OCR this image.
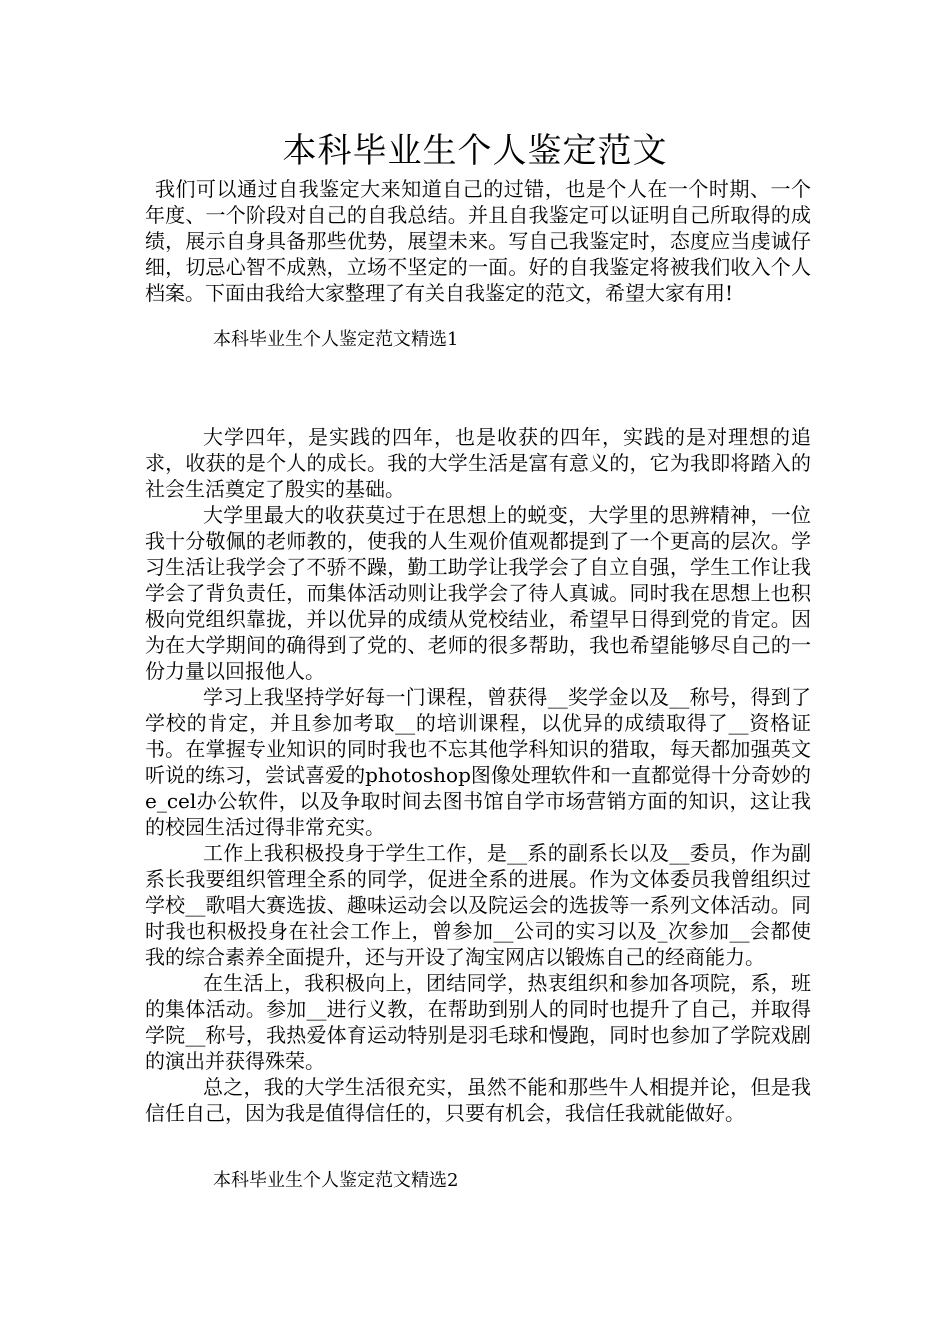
本科毕业生个人鉴定范文

我们可以通过自我鉴定大来知道自己的过错，也是个人在一个时期、一个年度、一个阶段对自己的自我总结。并且自我鉴定可以证明自己所取得的成绩，展示自身具备那些优势，展望未来。写自己我鉴定时，态度应当虔诚仔细，切忌心智不成熟，立场不坚定的一面。好的自我鉴定将被我们收入个人档案。下面由我给大家整理了有关自我鉴定的范文，希望大家有用!

本科毕业生个人鉴定范文精选1

大学四年，是实践的四年，也是收获的四年，实践的是对理想的追求，收获的是个人的成长。我的大学生活是富有意义的，它为我即将踏入的社会生活奠定了殷实的基础。

大学里最大的收获莫过于在思想上的蜕变，大学里的思辨精神，一位我十分敬佩的老师教的，使我的人生观价值观都提到了一个更高的层次。学习生活让我学会了不骄不躁，勤工助学让我学会了自立自强，学生工作让我学会了背负责任，而集体活动则让我学会了待人真诚。同时我在思想上也积极向党组织靠拢，并以优异的成绩从党校结业，希望早日得到党的肯定。因为在大学期间的确得到了党的、老师的很多帮助，我也希望能够尽自己的一份力量以回报他人。

学习上我坚持学好每一门课程，曾获得__奖学金以及__称号，得到了学校的肯定，并且参加考取__的培训课程，以优异的成绩取得了__资格证书。在掌握专业知识的同时我也不忘其他学科知识的猎取，每天都加强英文听说的练习，尝试喜爱的photoshop图像处理软件和一直都觉得十分奇妙的e_cel办公软件，以及争取时间去图书馆自学市场营销方面的知识，这让我的校园生活过得非常充实。

工作上我积极投身于学生工作，是__系的副系长以及__委员，作为副系长我要组织管理全系的同学，促进全系的进展。作为文体委员我曾组织过学校__歌唱大赛选拔、趣味运动会以及院运会的选拔等一系列文体活动。同时我也积极投身在社会工作上，曾参加__公司的实习以及_次参加__会都使我的综合素养全面提升，还与开设了淘宝网店以锻炼自己的经商能力。

在生活上，我积极向上，团结同学，热衷组织和参加各项院，系，班的集体活动。参加__进行义教，在帮助到别人的同时也提升了自己，并取得学院__称号，我热爱体育运动特别是羽毛球和慢跑，同时也参加了学院戏剧的演出并获得殊荣。

总之，我的大学生活很充实，虽然不能和那些牛人相提并论，但是我信任自己，因为我是值得信任的，只要有机会，我信任我就能做好。

本科毕业生个人鉴定范文精选2
